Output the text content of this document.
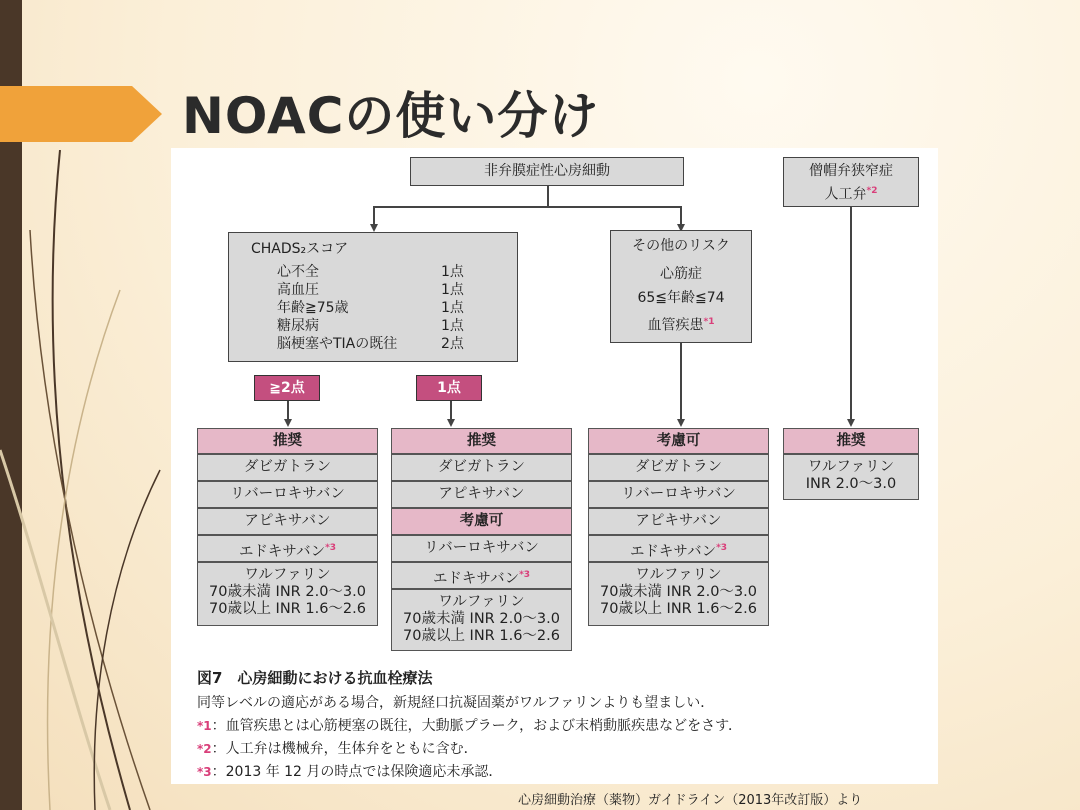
NOACの使い分け
非弁膜症性心房細動	僧帽弁狭窄症
人工弁$^{*2}$
CHADS₂スコア
心不全
高血圧
年齢≧75歳
糖尿病
脳梗塞やTIAの既往
1点
1点
1点
1点
2点
その他のリスク
心筋症
65≦年齢≦74
血管疾患$^{*1}$
≧2点	1点
推奨
ダビガトラン
リバーロキサバン
アピキサバン
エドキサバン$^{*3}$
ワルファリン
70歳未満 INR 2.0～3.0
70歳以上 INR 1.6～2.6
推奨
ダビガトラン
アピキサバン
考慮可
リバーロキサバン
エドキサバン$^{*3}$
ワルファリン
70歳未満 INR 2.0～3.0
70歳以上 INR 1.6～2.6
考慮可
ダビガトラン
リバーロキサバン
アピキサバン
エドキサバン$^{*3}$
ワルファリン
70歳未満 INR 2.0～3.0
70歳以上 INR 1.6～2.6
推奨
ワルファリン
INR 2.0～3.0
図7　心房細動における抗血栓療法
同等レベルの適応がある場合，新規経口抗凝固薬がワルファリンよりも望ましい．
*1：血管疾患とは心筋梗塞の既往，大動脈プラーク，および末梢動脈疾患などをさす．
*2：人工弁は機械弁，生体弁をともに含む．
*3：2013 年 12 月の時点では保険適応未承認．
心房細動治療（薬物）ガイドライン（2013年改訂版）より
